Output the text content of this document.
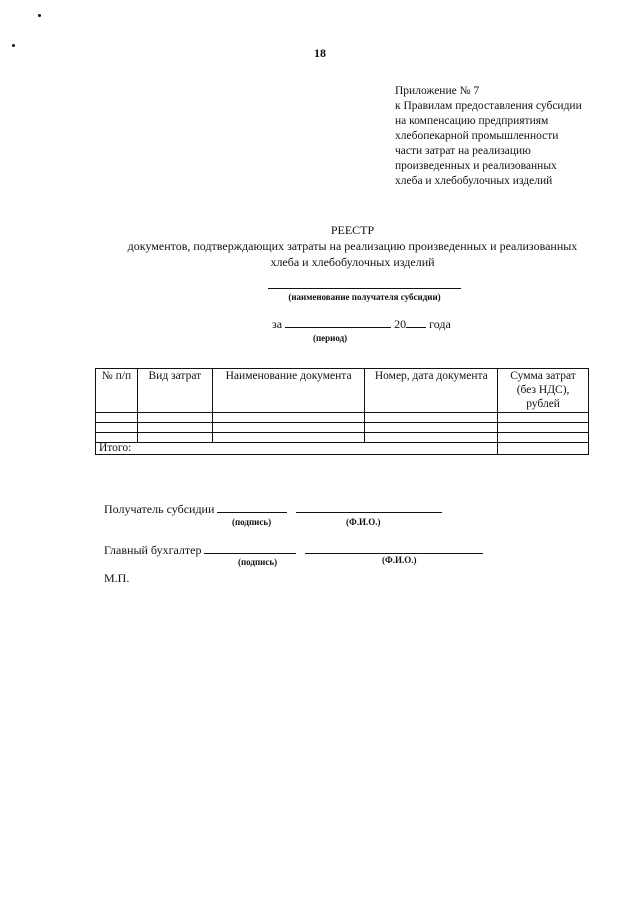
18
Приложение № 7
к Правилам предоставления субсидии
на компенсацию предприятиям
хлебопекарной промышленности
части затрат на реализацию
произведенных и реализованных
хлеба и хлебобулочных изделий
РЕЕСТР
документов, подтверждающих затраты на реализацию произведенных и реализованных
хлеба и хлебобулочных изделий
(наименование получателя субсидии)
за	20 года
(период)
№ п/п	Вид затрат	Наименование документа	Номер, дата документа	Сумма затрат (без НДС), рублей

Итого:				
Получатель субсидии
(подпись)	(Ф.И.О.)
Главный бухгалтер
(подпись)	(Ф.И.О.)
М.П.
